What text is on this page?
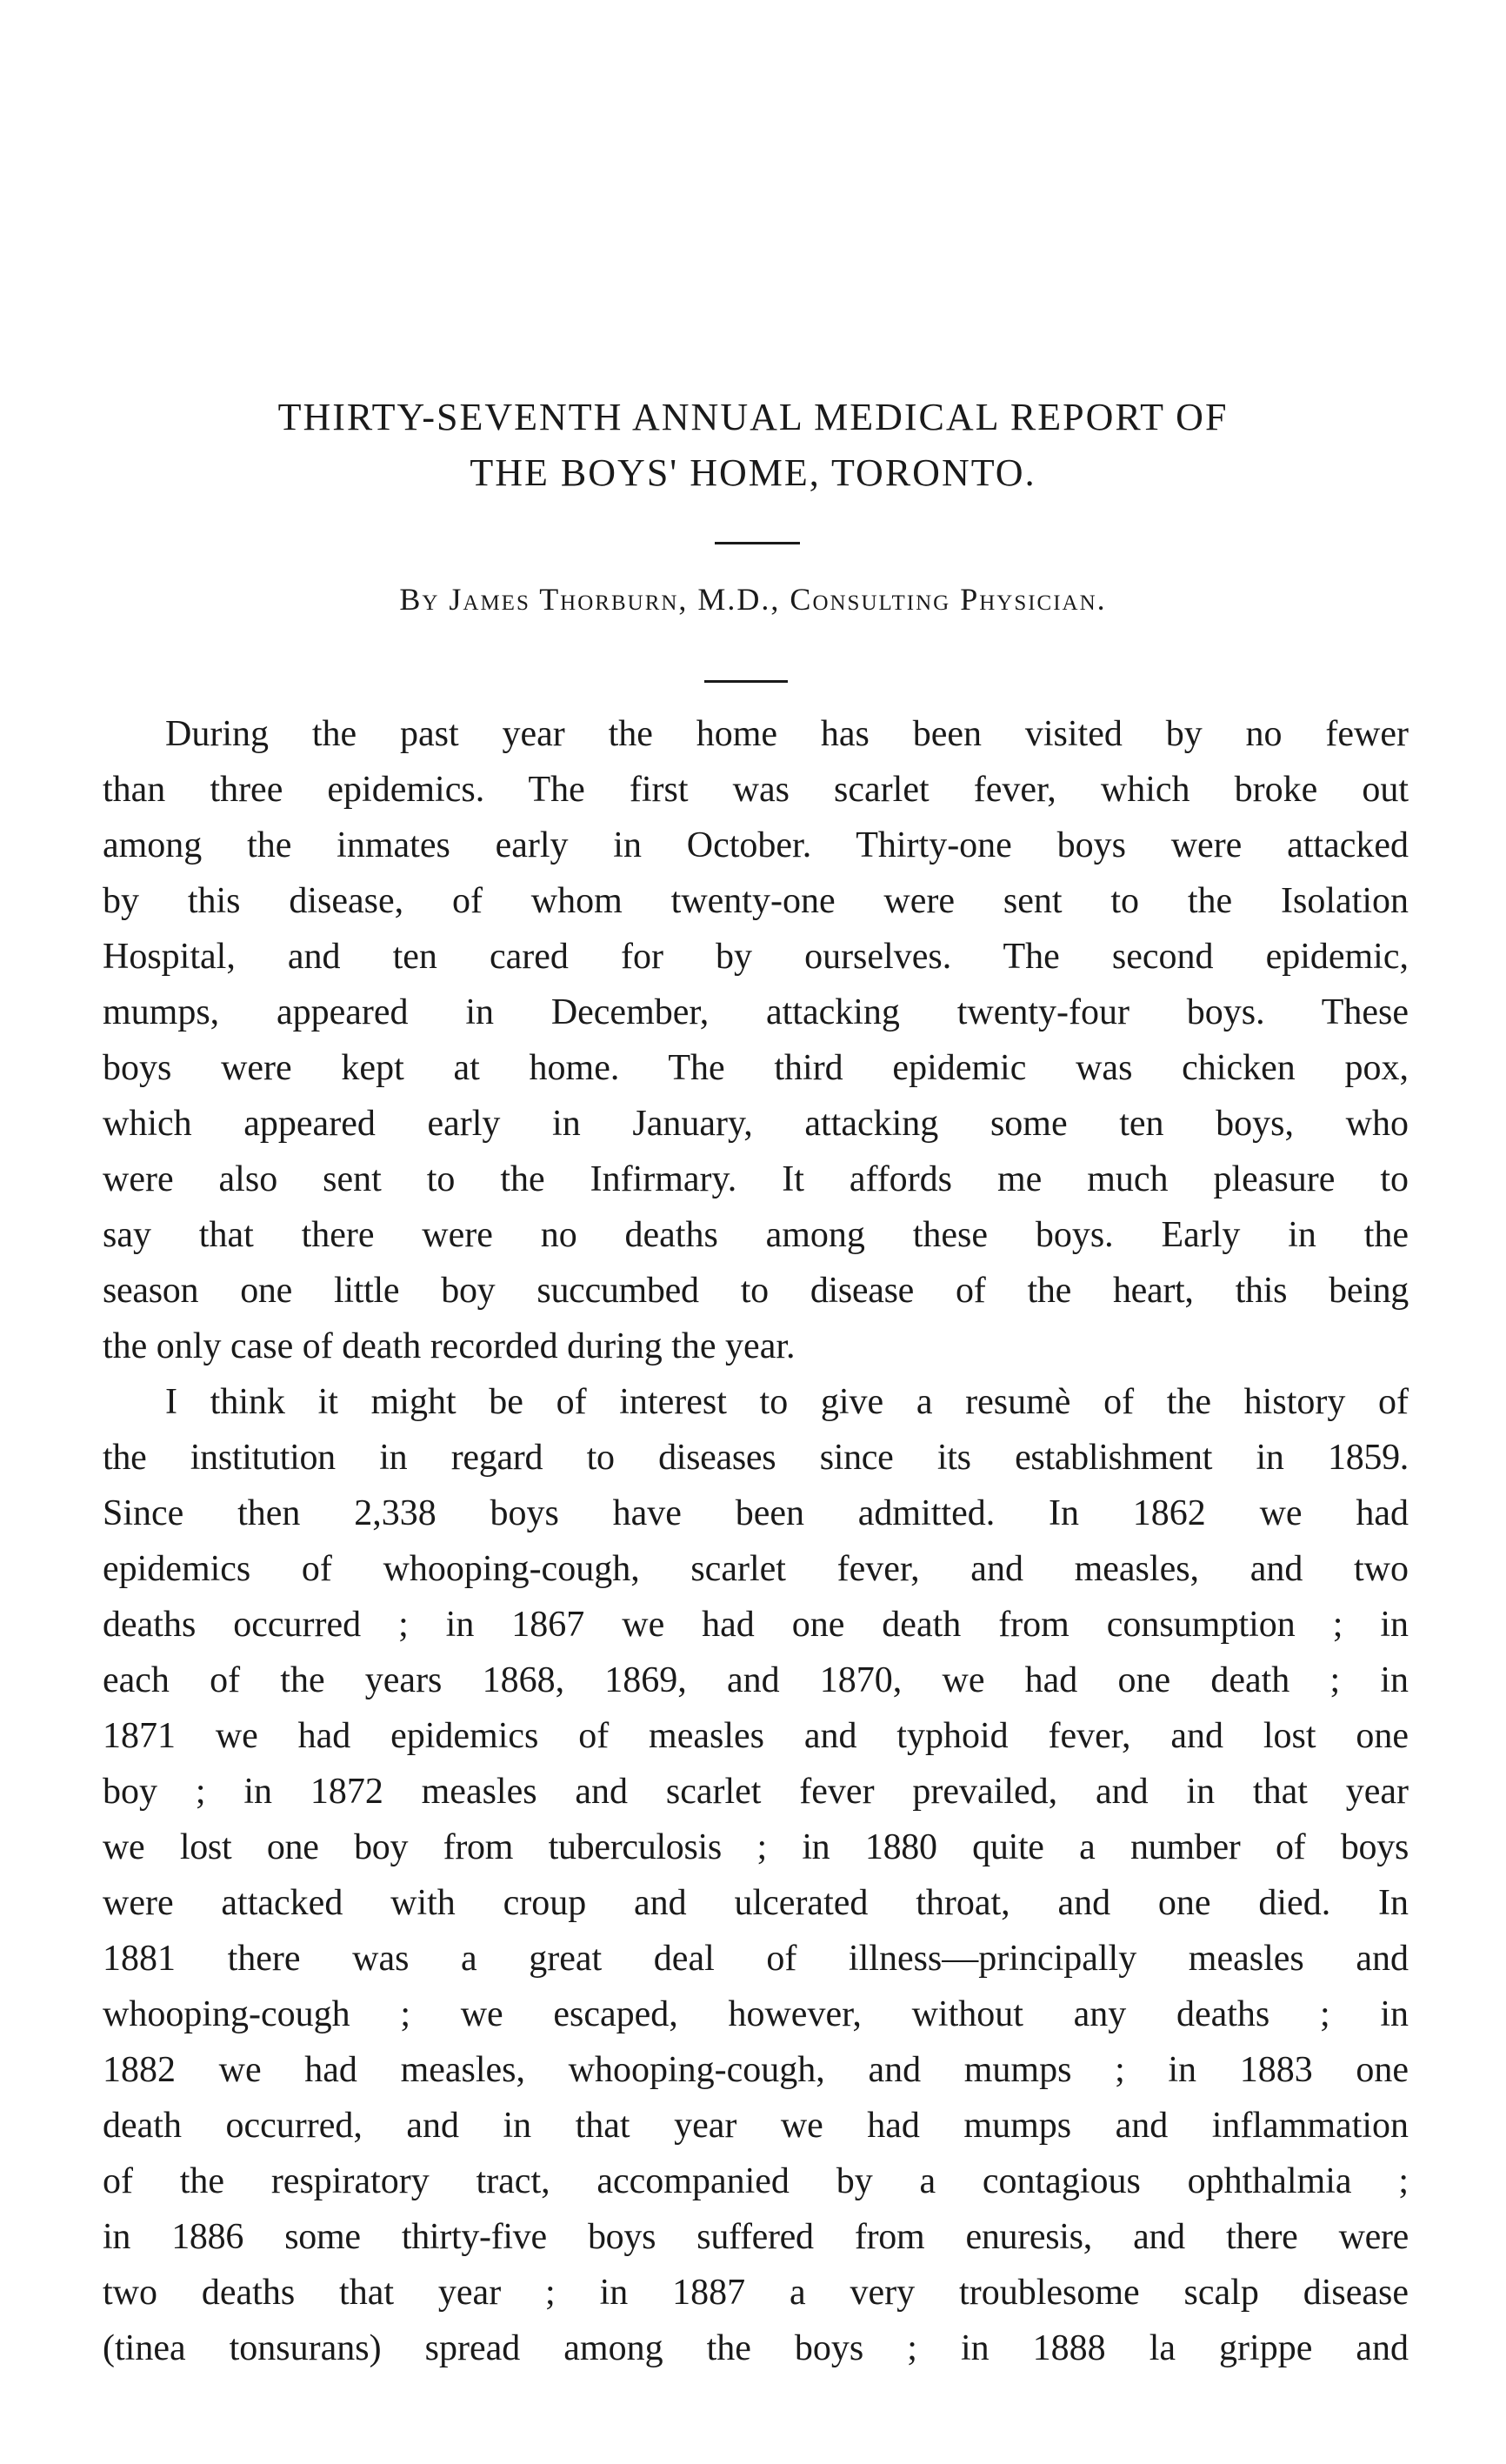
THIRTY-SEVENTH ANNUAL MEDICAL REPORT OF
THE BOYS' HOME, TORONTO.
By James Thorburn, M.D., Consulting Physician.
During the past year the home has been visited by no fewer
than three epidemics. The first was scarlet fever, which broke out
among the inmates early in October. Thirty-one boys were attacked
by this disease, of whom twenty-one were sent to the Isolation
Hospital, and ten cared for by ourselves. The second epidemic,
mumps, appeared in December, attacking twenty-four boys. These
boys were kept at home. The third epidemic was chicken pox,
which appeared early in January, attacking some ten boys, who
were also sent to the Infirmary. It affords me much pleasure to
say that there were no deaths among these boys. Early in the
season one little boy succumbed to disease of the heart, this being
the only case of death recorded during the year.
I think it might be of interest to give a resumè of the history of
the institution in regard to diseases since its establishment in 1859.
Since then 2,338 boys have been admitted. In 1862 we had
epidemics of whooping-cough, scarlet fever, and measles, and two
deaths occurred ; in 1867 we had one death from consumption ; in
each of the years 1868, 1869, and 1870, we had one death ; in
1871 we had epidemics of measles and typhoid fever, and lost one
boy ; in 1872 measles and scarlet fever prevailed, and in that year
we lost one boy from tuberculosis ; in 1880 quite a number of boys
were attacked with croup and ulcerated throat, and one died. In
1881 there was a great deal of illness—principally measles and
whooping-cough ; we escaped, however, without any deaths ; in
1882 we had measles, whooping-cough, and mumps ; in 1883 one
death occurred, and in that year we had mumps and inflammation
of the respiratory tract, accompanied by a contagious ophthalmia ;
in 1886 some thirty-five boys suffered from enuresis, and there were
two deaths that year ; in 1887 a very troublesome scalp disease
(tinea tonsurans) spread among the boys ; in 1888 la grippe and
